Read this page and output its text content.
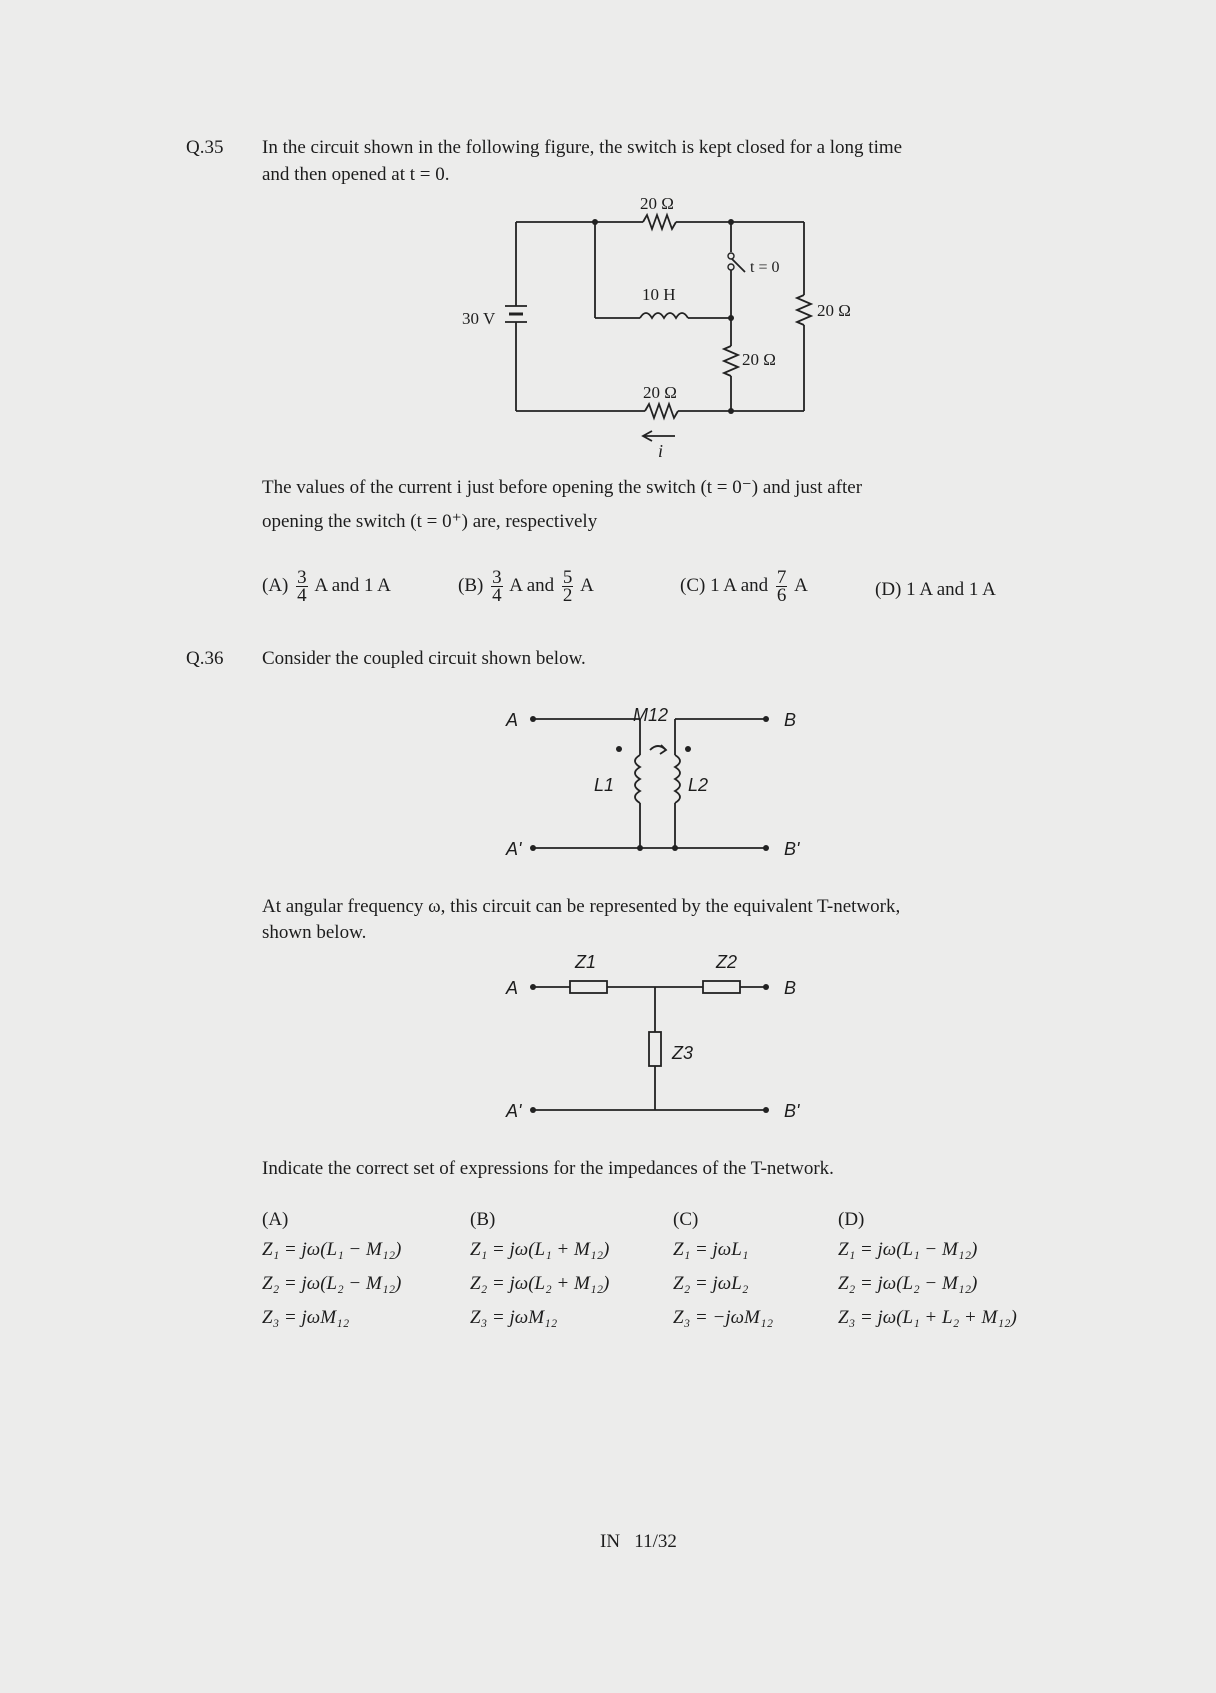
Q.35 In the circuit shown in the following figure, the switch is kept closed for a long time
and then opened at t = 0.
30 V
20 Ω
10 H
t = 0
20 Ω
20 Ω
20 Ω
i
The values of the current i just before opening the switch (t = 0⁻) and just after
opening the switch (t = 0⁺) are, respectively
$(A) \frac{3}{4}$ A and 1 A	$(B) \frac{3}{4}$ A and $\frac{5}{2}$ A	(C) 1 A and $\frac{7}{6}$ A	(D) 1 A and 1 A
Q.36 Consider the coupled circuit shown below.
A	B
A'	B'
M12
L1	L2
At angular frequency ω, this circuit can be represented by the equivalent T-network,
shown below.
A	B
A'	B'
Z1	Z2
Z3
Indicate the correct set of expressions for the impedances of the T-network.
(A)
Z₁ = jω(L₁ − M₁₂)
Z₂ = jω(L₂ − M₁₂)
Z₃ = jωM₁₂
(B)
Z₁ = jω(L₁ + M₁₂)
Z₂ = jω(L₂ + M₁₂)
Z₃ = jωM₁₂
(C)
Z₁ = jωL₁
Z₂ = jωL₂
Z₃ = −jωM₁₂
(D)
Z₁ = jω(L₁ − M₁₂)
Z₂ = jω(L₂ − M₁₂)
Z₃ = jω(L₁ + L₂ + M₁₂)
IN   11/32
